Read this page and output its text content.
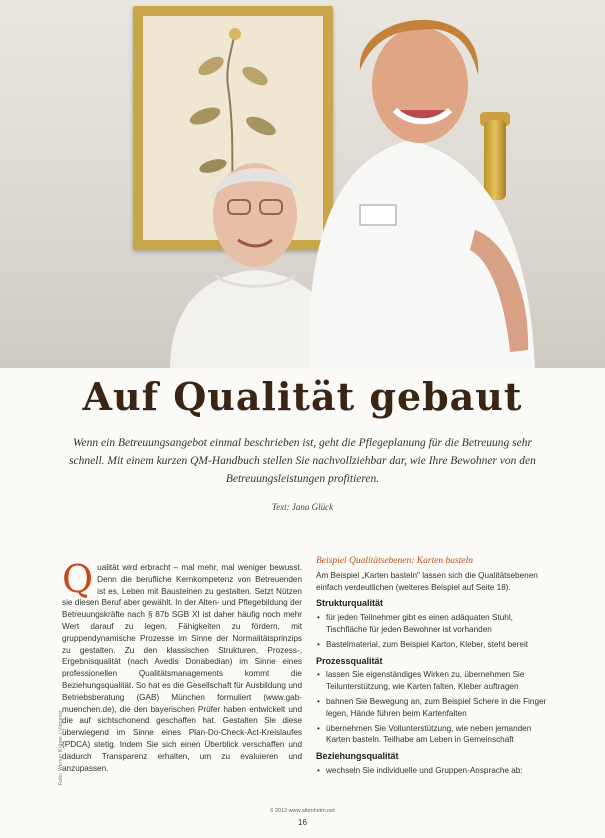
Foto: Werner Krüper / Vincentz
Auf Qualität gebaut

Wenn ein Betreuungsangebot einmal beschrieben ist, geht die Pflegeplanung für die Betreuung sehr schnell. Mit einem kurzen QM-Handbuch stellen Sie nachvollziehbar dar, wie Ihre Bewohner von den Betreuungsleistungen profitieren.

Text: Jana Glück
Q ualität wird erbracht – mal mehr, mal weniger bewusst. Denn die berufliche Kernkompetenz von Betreuenden ist es, Leben mit Bausteinen zu gestalten. Setzt Nützen sie diesen Beruf aber gewählt. In der Alten- und Pflegebildung der Betreuungskräfte nach § 87b SGB XI ist daher häufig noch mehr Wert darauf zu legen, Fähigkeiten zu fördern, mit gruppendynamische Prozesse im Sinne der Normalitätsprinzips zu gestalten. Zu den klassischen Strukturen, Prozess-, Ergebnisqualität (nach Avedis Donabedian) im Sinne eines professionellen Qualitätsmanagements kommt die Beziehungsqualität. So hat es die Gesellschaft für Ausbildung und Betriebsberatung (GAB) München formuliert (www.gab-muenchen.de), die den bayerischen Prüfer haben entwickelt und die auf sichtschonend geschaffen hat. Gestalten Sie diese überwiegend im Sinne eines Plan-Do-Check-Act-Kreislaufes (PDCA) stetig. Indem Sie sich einen Überblick verschaffen und dadurch Transparenz erhalten, um zu evaluieren und anzupassen.

Beispiel Qualitätsebenen: Karten basteln

Am Beispiel „Karten basteln" lassen sich die Qualitätsebenen einfach verdeutlichen (weiteres Beispiel auf Seite 18).

Strukturqualität
• für jeden Teilnehmer gibt es einen adäquaten Stuhl, Tischfläche für jeden Bewohner ist vorhanden
• Bastelmaterial, zum Beispiel Karton, Kleber, steht bereit
Prozessqualität
• lassen Sie eigenständiges Wirken zu, übernehmen Sie Teilunterstützung, wie Karten falten, Kleber auftragen
• bahnen Sie Bewegung an, zum Beispiel Schere in die Finger legen, Hände führen beim Kartenfalten
• übernehmen Sie Vollunterstützung, wie neben jemanden Karten basteln. Teilhabe am Leben in Gemeinschaft
Beziehungsqualität
• wechseln Sie individuelle und Gruppen-Ansprache ab:
6 2013 www.altenheim.net
16
